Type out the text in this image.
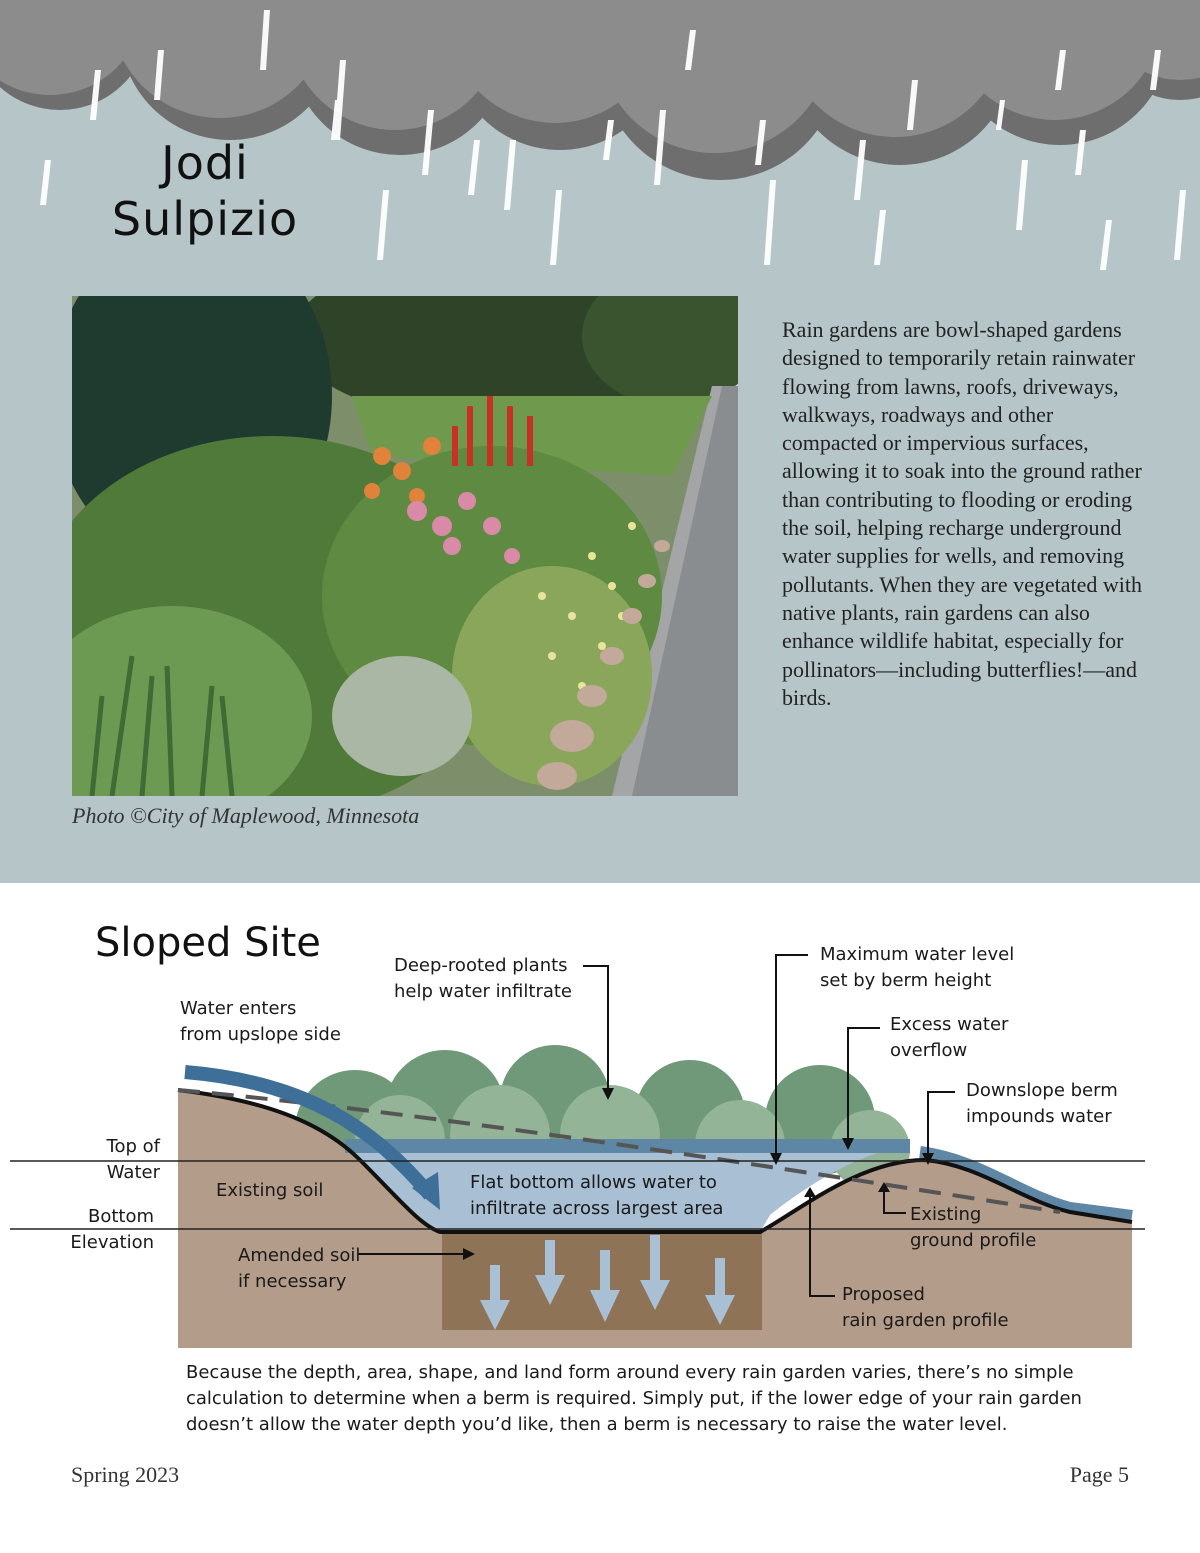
Jodi
Sulpizio
Photo ©City of Maplewood, Minnesota
Rain gardens are bowl-shaped gardens designed to temporarily retain rainwater flowing from lawns, roofs, driveways, walkways, roadways and other compacted or impervious surfaces, allowing it to soak into the ground rather than contributing to flooding or eroding the soil, helping recharge underground water supplies for wells, and removing pollutants. When they are vegetated with native plants, rain gardens can also enhance wildlife habitat, especially for pollinators—including butterflies!—and birds.
Sloped Site
Water enters
from upslope side
Deep-rooted plants
help water infiltrate
Maximum water level
set by berm height
Excess water
overflow
Downslope berm
impounds water
Top of
Water
Bottom
Elevation
Existing soil	Flat bottom allows water to
infiltrate across largest area
Amended soil
if necessary
Existing
ground profile
Proposed
rain garden profile
Because the depth, area, shape, and land form around every rain garden varies, there’s no simple calculation to determine when a berm is required. Simply put, if the lower edge of your rain garden doesn’t allow the water depth you’d like, then a berm is necessary to raise the water level.
Spring 2023	Page 5
